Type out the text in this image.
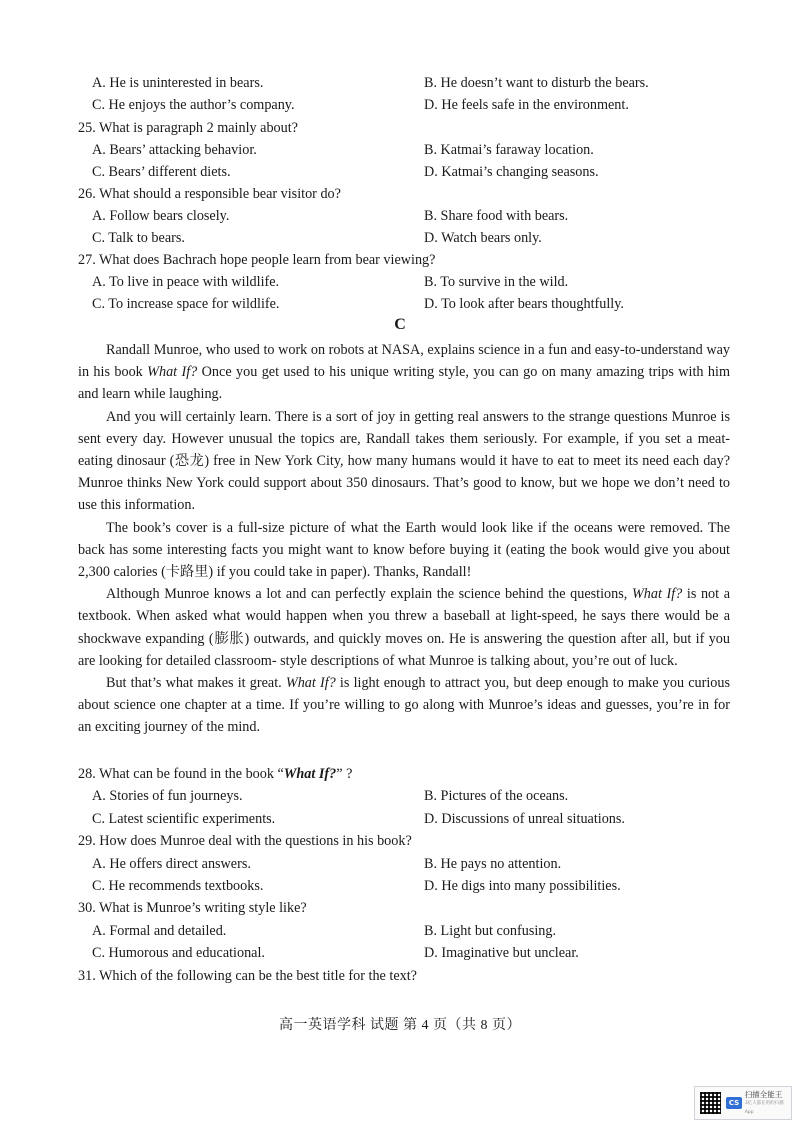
A. He is uninterested in bears.	B. He doesn’t want to disturb the bears.
C. He enjoys the author’s company.	D. He feels safe in the environment.
25. What is paragraph 2 mainly about?
A. Bears’ attacking behavior.	B. Katmai’s faraway location.
C. Bears’ different diets.	D. Katmai’s changing seasons.
26. What should a responsible bear visitor do?
A. Follow bears closely.	B. Share food with bears.
C. Talk to bears.	D. Watch bears only.
27. What does Bachrach hope people learn from bear viewing?
A. To live in peace with wildlife.	B. To survive in the wild.
C. To increase space for wildlife.	D. To look after bears thoughtfully.
C

Randall Munroe, who used to work on robots at NASA, explains science in a fun and easy-to-understand way in his book What If? Once you get used to his unique writing style, you can go on many amazing trips with him and learn while laughing.

And you will certainly learn. There is a sort of joy in getting real answers to the strange questions Munroe is sent every day. However unusual the topics are, Randall takes them seriously. For example, if you set a meat-eating dinosaur (恐龙) free in New York City, how many humans would it have to eat to meet its need each day? Munroe thinks New York could support about 350 dinosaurs. That’s good to know, but we hope we don’t need to use this information.

The book’s cover is a full-size picture of what the Earth would look like if the oceans were removed. The back has some interesting facts you might want to know before buying it (eating the book would give you about 2,300 calories (卡路里) if you could take in paper). Thanks, Randall!

Although Munroe knows a lot and can perfectly explain the science behind the questions, What If? is not a textbook. When asked what would happen when you threw a baseball at light-speed, he says there would be a shockwave expanding (膨胀) outwards, and quickly moves on. He is answering the question after all, but if you are looking for detailed classroom- style descriptions of what Munroe is talking about, you’re out of luck.

But that’s what makes it great. What If? is light enough to attract you, but deep enough to make you curious about science one chapter at a time. If you’re willing to go along with Munroe’s ideas and guesses, you’re in for an exciting journey of the mind.

28. What can be found in the book “What If?” ?
A. Stories of fun journeys.	B. Pictures of the oceans.
C. Latest scientific experiments.	D. Discussions of unreal situations.
29. How does Munroe deal with the questions in his book?
A. He offers direct answers.	B. He pays no attention.
C. He recommends textbooks.	D. He digs into many possibilities.
30. What is Munroe’s writing style like?
A. Formal and detailed.	B. Light but confusing.
C. Humorous and educational.	D. Imaginative but unclear.
31. Which of the following can be the best title for the text?
高一英语学科 试题 第 4 页（共 8 页）
CS
扫描全能王
3亿人都在用的扫描App
